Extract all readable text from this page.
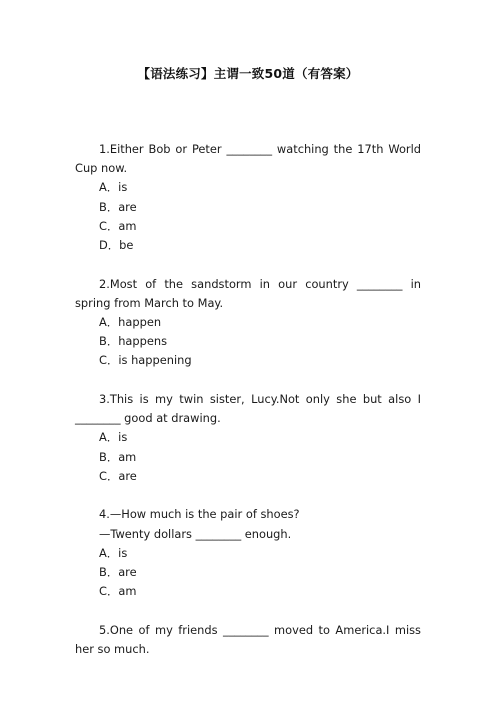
【语法练习】主谓一致50道（有答案）

1.Either Bob or Peter ________ watching the 17th World Cup now.

A．is

B．are

C．am

D．be

2.Most of the sandstorm in our country ________ in spring from March to May.

A．happen

B．happens

C．is happening

3.This is my twin sister, Lucy.Not only she but also I ________ good at drawing.

A．is

B．am

C．are

4.—How much is the pair of shoes?

—Twenty dollars ________ enough.

A．is

B．are

C．am

5.One of my friends ________ moved to America.I miss her so much.
